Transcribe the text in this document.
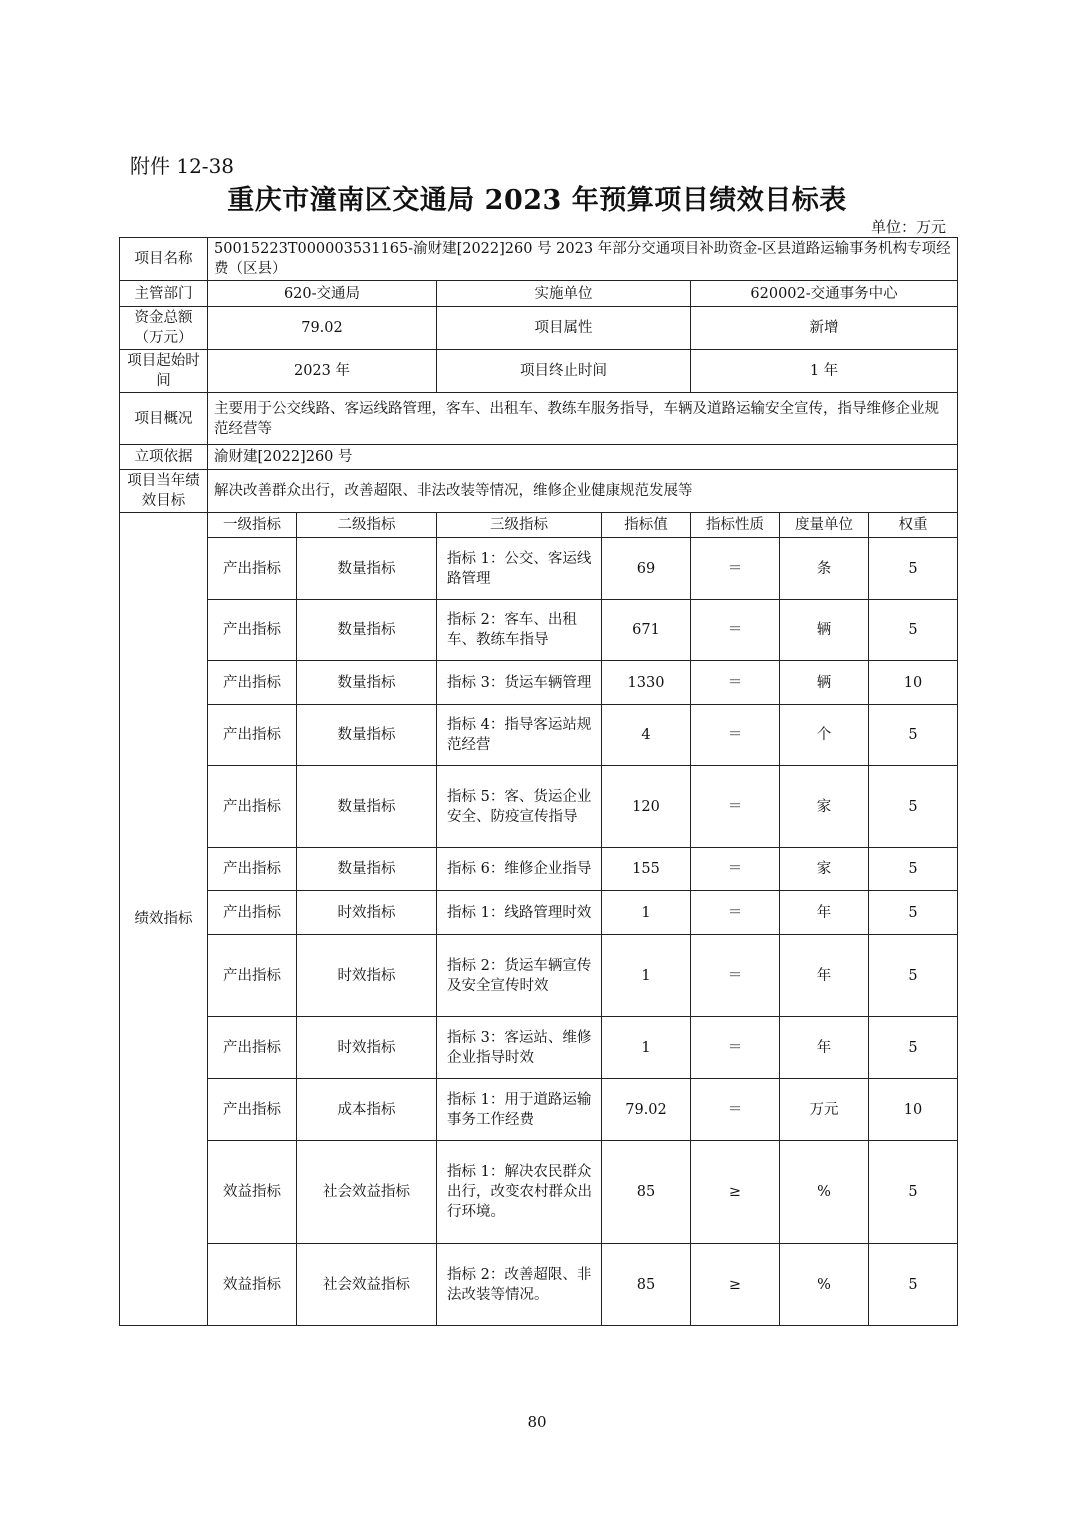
附件 12-38
重庆市潼南区交通局 2023 年预算项目绩效目标表
单位：万元
项目名称	50015223T000003531165-渝财建[2022]260 号 2023 年部分交通项目补助资金-区县道路运输事务机构专项经费（区县）						
主管部门	620-交通局		实施单位		620002-交通事务中心		
资金总额（万元）	79.02		项目属性		新增		
项目起始时间	2023 年		项目终止时间		1 年		
项目概况	主要用于公交线路、客运线路管理，客车、出租车、教练车服务指导，车辆及道路运输安全宣传，指导维修企业规范经营等						
立项依据	渝财建[2022]260 号						
项目当年绩效目标	解决改善群众出行，改善超限、非法改装等情况，维修企业健康规范发展等						
绩效指标	一级指标	二级指标	三级指标	指标值	指标性质	度量单位	权重
	产出指标	数量指标	指标 1：公交、客运线路管理	69	＝	条	5
	产出指标	数量指标	指标 2：客车、出租车、教练车指导	671	＝	辆	5
	产出指标	数量指标	指标 3：货运车辆管理	1330	＝	辆	10
	产出指标	数量指标	指标 4：指导客运站规范经营	4	＝	个	5
	产出指标	数量指标	指标 5：客、货运企业安全、防疫宣传指导	120	＝	家	5
	产出指标	数量指标	指标 6：维修企业指导	155	＝	家	5
	产出指标	时效指标	指标 1：线路管理时效	1	＝	年	5
	产出指标	时效指标	指标 2：货运车辆宣传及安全宣传时效	1	＝	年	5
	产出指标	时效指标	指标 3：客运站、维修企业指导时效	1	＝	年	5
	产出指标	成本指标	指标 1：用于道路运输事务工作经费	79.02	＝	万元	10
	效益指标	社会效益指标	指标 1：解决农民群众出行，改变农村群众出行环境。	85	≥	%	5
	效益指标	社会效益指标	指标 2：改善超限、非法改装等情况。	85	≥	%	5
80
